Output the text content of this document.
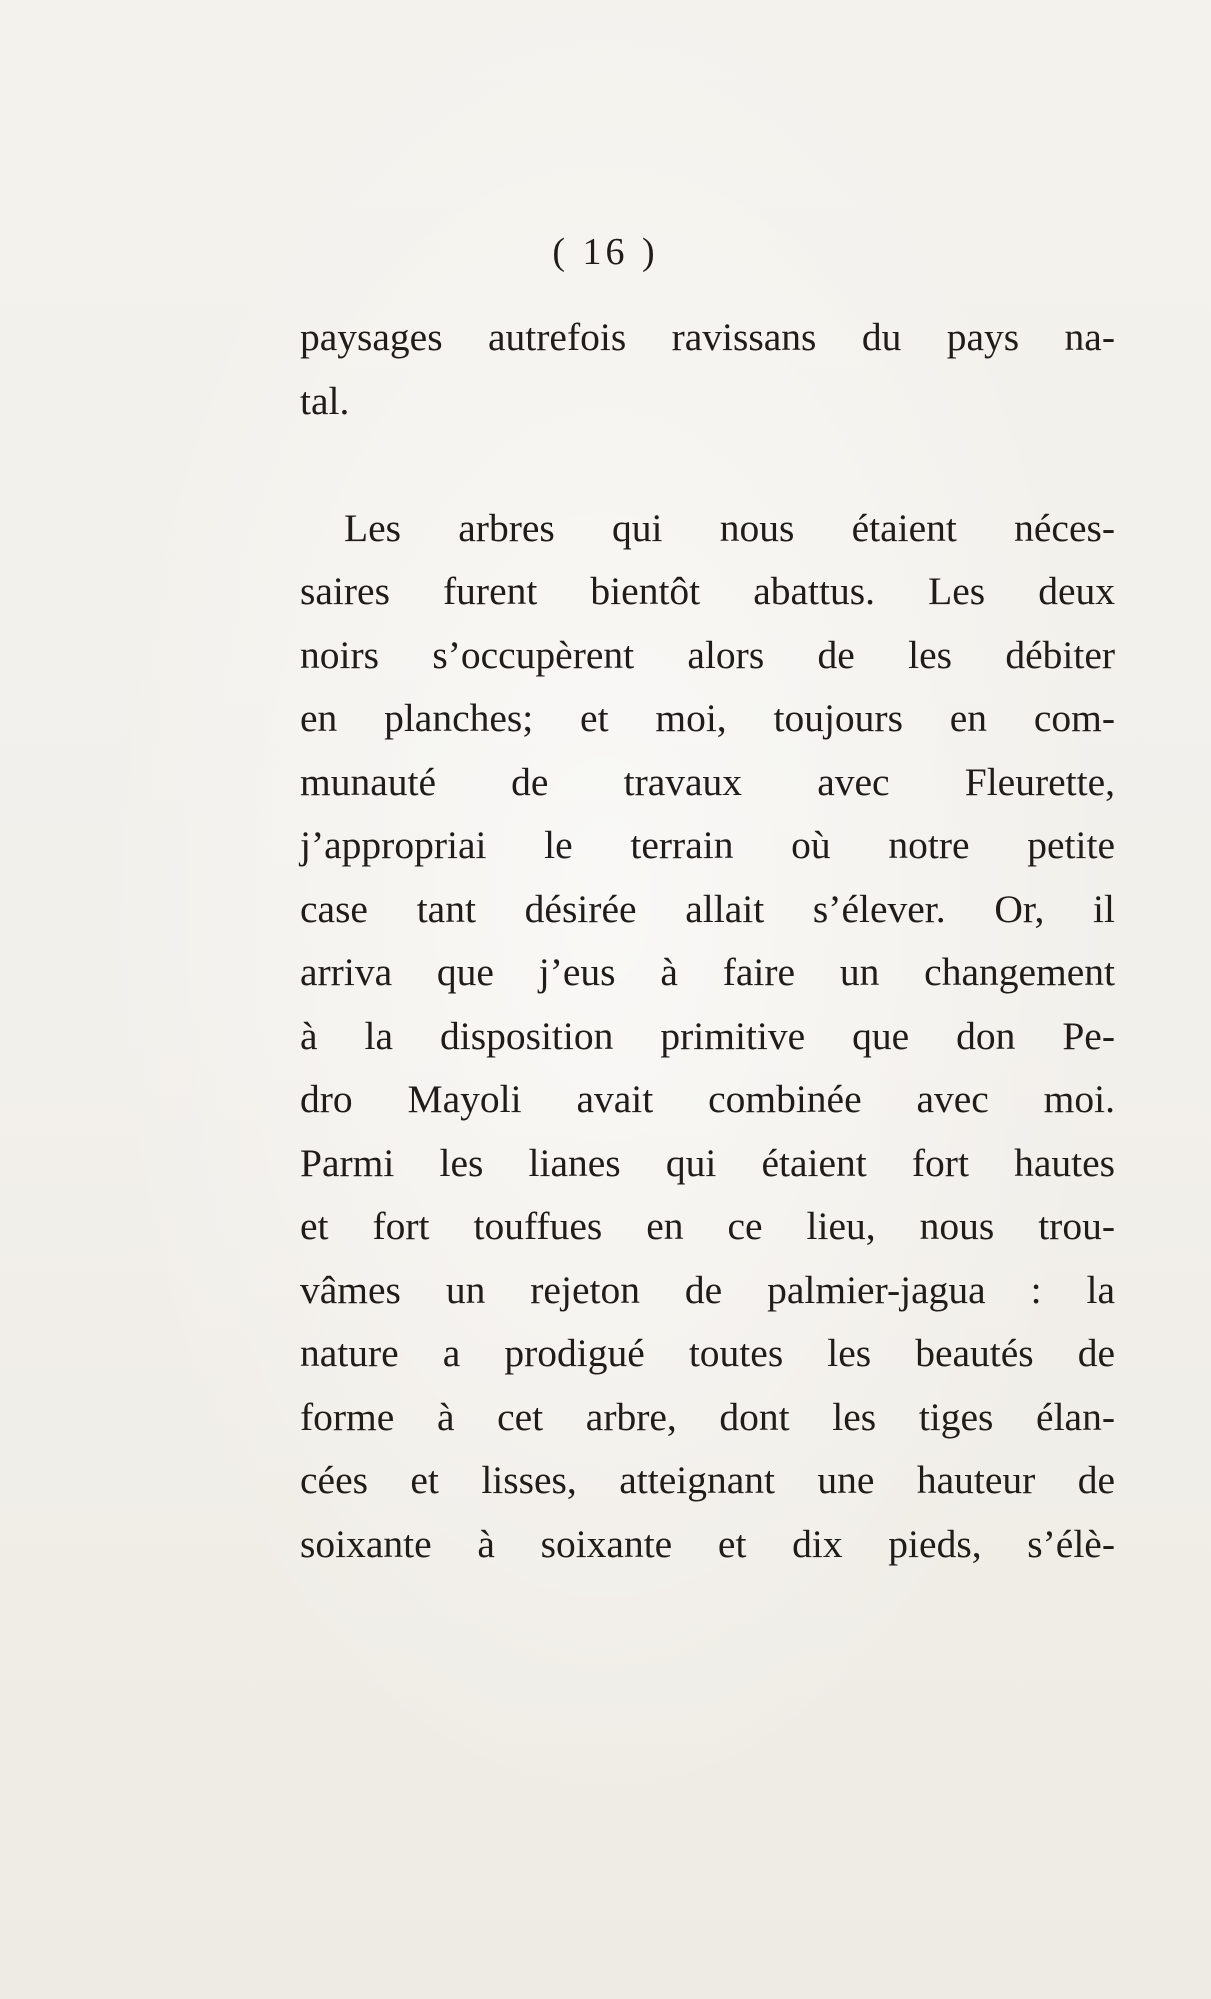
( 16 )
paysages autrefois ravissans du pays na-
tal.
Les arbres qui nous étaient néces-
saires furent bientôt abattus. Les deux
noirs s’occupèrent alors de les débiter
en planches; et moi, toujours en com-
munauté de travaux avec Fleurette,
j’appropriai le terrain où notre petite
case tant désirée allait s’élever. Or, il
arriva que j’eus à faire un changement
à la disposition primitive que don Pe-
dro Mayoli avait combinée avec moi.
Parmi les lianes qui étaient fort hautes
et fort touffues en ce lieu, nous trou-
vâmes un rejeton de palmier-jagua : la
nature a prodigué toutes les beautés de
forme à cet arbre, dont les tiges élan-
cées et lisses, atteignant une hauteur de
soixante à soixante et dix pieds, s’élè-
